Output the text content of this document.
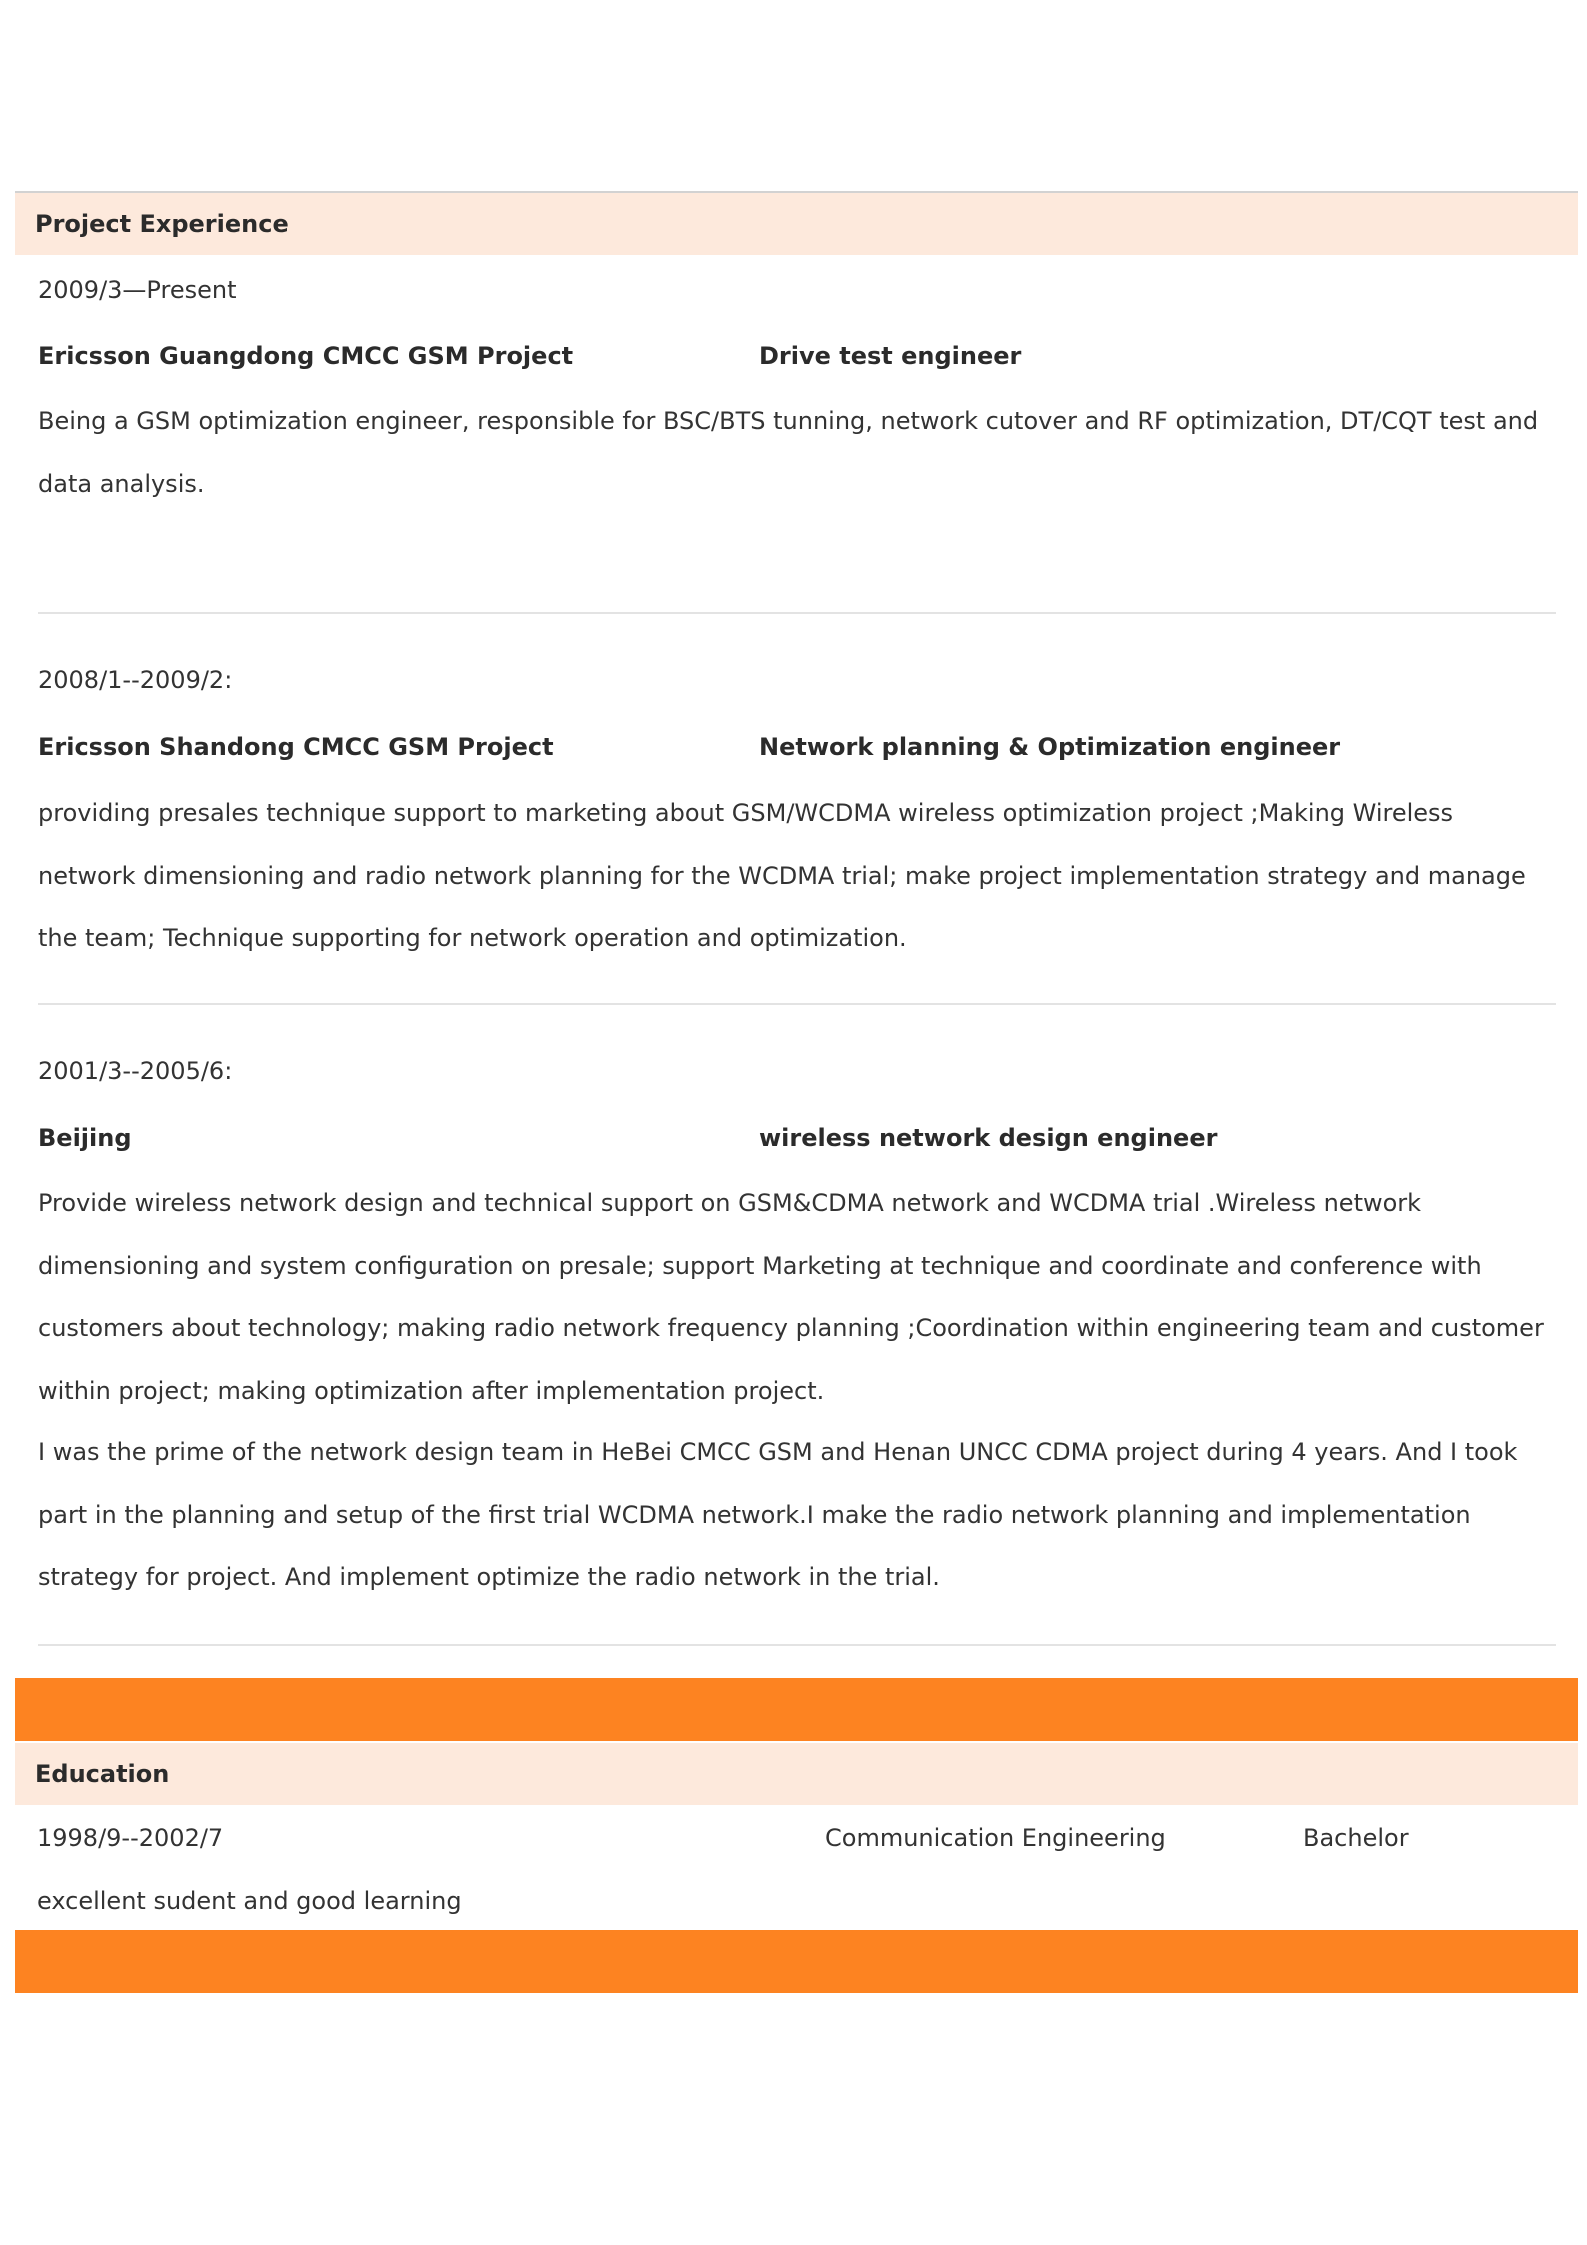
Project Experience
2009/3—Present
Ericsson Guangdong CMCC GSM Project	Drive test engineer

Being a GSM optimization engineer, responsible for BSC/BTS tunning, network cutover and RF optimization, DT/CQT test and data analysis.

2008/1--2009/2:
Ericsson Shandong CMCC GSM Project	Network planning & Optimization engineer

providing presales technique support to marketing about GSM/WCDMA wireless optimization project ;Making Wireless network dimensioning and radio network planning for the WCDMA trial; make project implementation strategy and manage the team; Technique supporting for network operation and optimization.

2001/3--2005/6:
Beijing	wireless network design engineer

Provide wireless network design and technical support on GSM&CDMA network and WCDMA trial .Wireless network dimensioning and system configuration on presale; support Marketing at technique and coordinate and conference with customers about technology; making radio network frequency planning ;Coordination within engineering team and customer within project; making optimization after implementation project.

I was the prime of the network design team in HeBei CMCC GSM and Henan UNCC CDMA project during 4 years. And I took part in the planning and setup of the first trial WCDMA network.I make the radio network planning and implementation strategy for project. And implement optimize the radio network in the trial.

Education
1998/9--2002/7	Communication Engineering	Bachelor
excellent sudent and good learning
